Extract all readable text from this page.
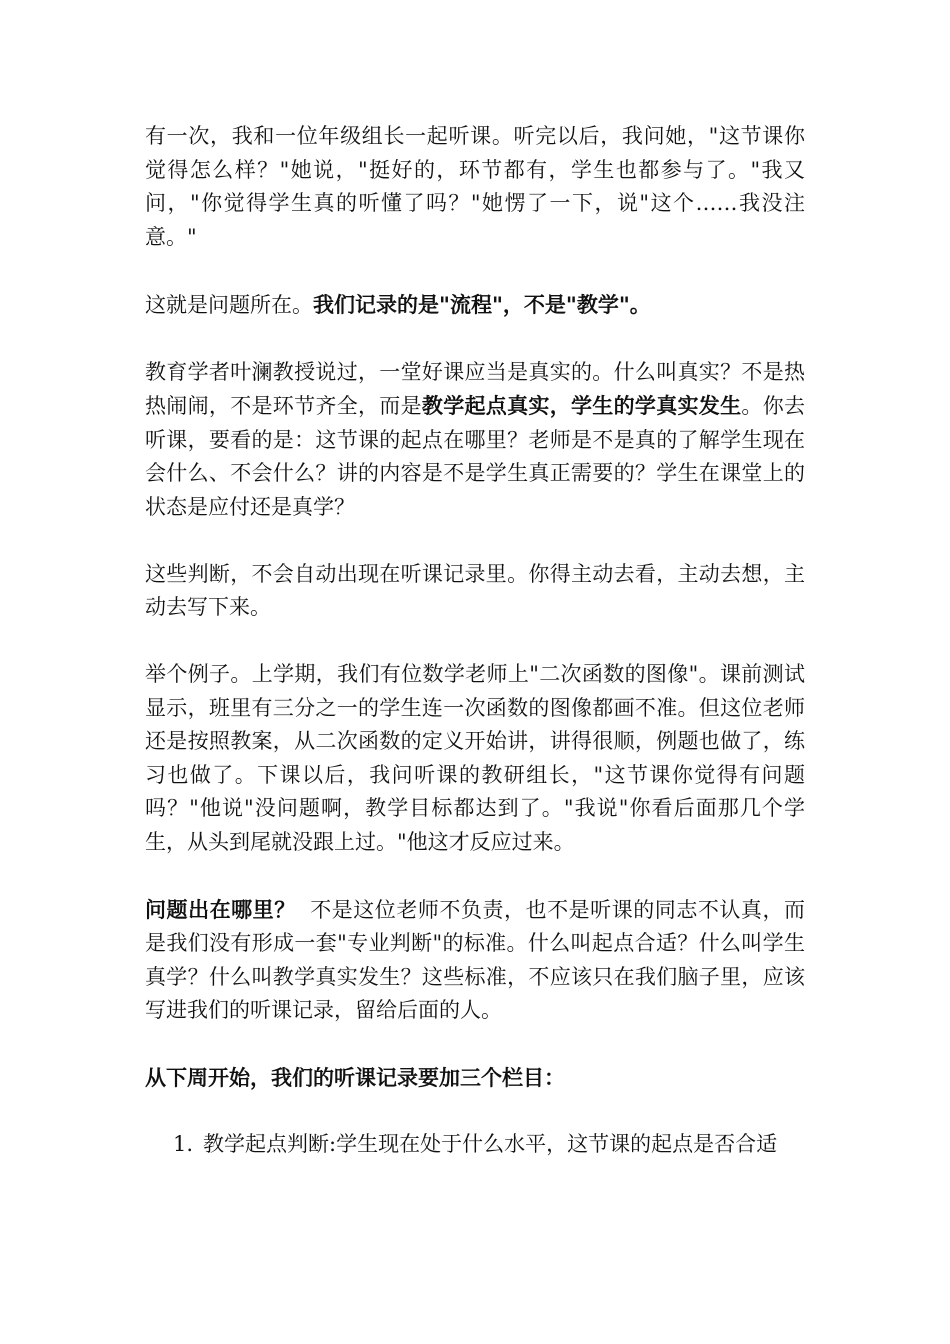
有一次，我和一位年级组长一起听课。听完以后，我问她，"这节课你觉得怎么样？"她说，"挺好的，环节都有，学生也都参与了。"我又问，"你觉得学生真的听懂了吗？"她愣了一下，说"这个……我没注意。"

这就是问题所在。我们记录的是"流程"，不是"教学"。

教育学者叶澜教授说过，一堂好课应当是真实的。什么叫真实？不是热热闹闹，不是环节齐全，而是教学起点真实，学生的学真实发生。你去听课，要看的是：这节课的起点在哪里？老师是不是真的了解学生现在会什么、不会什么？讲的内容是不是学生真正需要的？学生在课堂上的状态是应付还是真学？

这些判断，不会自动出现在听课记录里。你得主动去看，主动去想，主动去写下来。

举个例子。上学期，我们有位数学老师上"二次函数的图像"。课前测试显示，班里有三分之一的学生连一次函数的图像都画不准。但这位老师还是按照教案，从二次函数的定义开始讲，讲得很顺，例题也做了，练习也做了。下课以后，我问听课的教研组长，"这节课你觉得有问题吗？"他说"没问题啊，教学目标都达到了。"我说"你看后面那几个学生，从头到尾就没跟上过。"他这才反应过来。

问题出在哪里？  不是这位老师不负责，也不是听课的同志不认真，而是我们没有形成一套"专业判断"的标准。什么叫起点合适？什么叫学生真学？什么叫教学真实发生？这些标准，不应该只在我们脑子里，应该写进我们的听课记录，留给后面的人。

从下周开始，我们的听课记录要加三个栏目：

1. 教学起点判断:学生现在处于什么水平，这节课的起点是否合适
